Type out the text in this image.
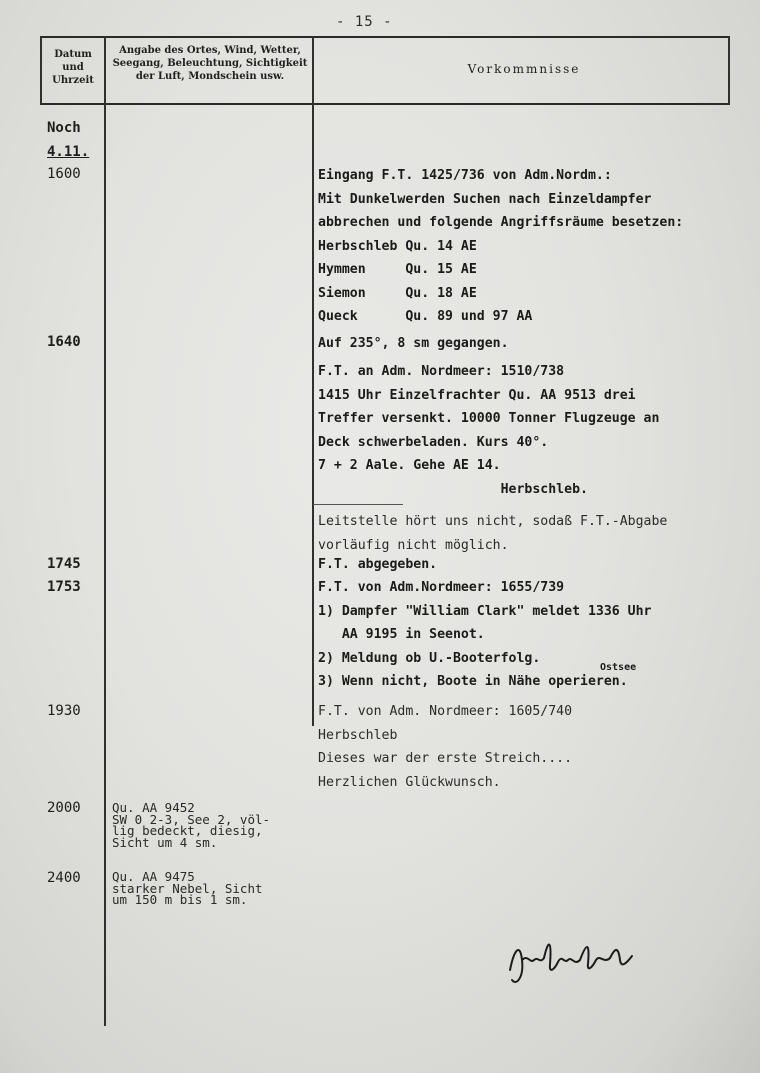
- 15 -
Datum
und
Uhrzeit
Angabe des Ortes, Wind, Wetter,
Seegang, Beleuchtung, Sichtigkeit
der Luft, Mondschein usw.
Vorkommnisse
Noch
4.11.
1600
1640
1745
1753
1930
2000
2400
Qu. AA 9452
SW 0 2-3, See 2, völ-
lig bedeckt, diesig,
Sicht um 4 sm.
Qu. AA 9475
starker Nebel, Sicht
um 150 m bis 1 sm.
Eingang F.T. 1425/736 von Adm.Nordm.:
Mit Dunkelwerden Suchen nach Einzeldampfer
abbrechen und folgende Angriffsräume besetzen:
Herbschleb Qu. 14 AE
Hymmen     Qu. 15 AE
Siemon     Qu. 18 AE
Queck      Qu. 89 und 97 AA
Auf 235°, 8 sm gegangen.
F.T. an Adm. Nordmeer: 1510/738
1415 Uhr Einzelfrachter Qu. AA 9513 drei
Treffer versenkt. 10000 Tonner Flugzeuge an
Deck schwerbeladen. Kurs 40°.
7 + 2 Aale. Gehe AE 14.
Herbschleb.
Leitstelle hört uns nicht, sodaß F.T.-Abgabe
vorläufig nicht möglich.
F.T. abgegeben.
F.T. von Adm.Nordmeer: 1655/739
1) Dampfer "William Clark" meldet 1336 Uhr
AA 9195 in Seenot.
2) Meldung ob U.-Booterfolg.
3) Wenn nicht, Boote in Nähe operieren.
F.T. von Adm. Nordmeer: 1605/740
Herbschleb
Dieses war der erste Streich....
Herzlichen Glückwunsch.
Ostsee
